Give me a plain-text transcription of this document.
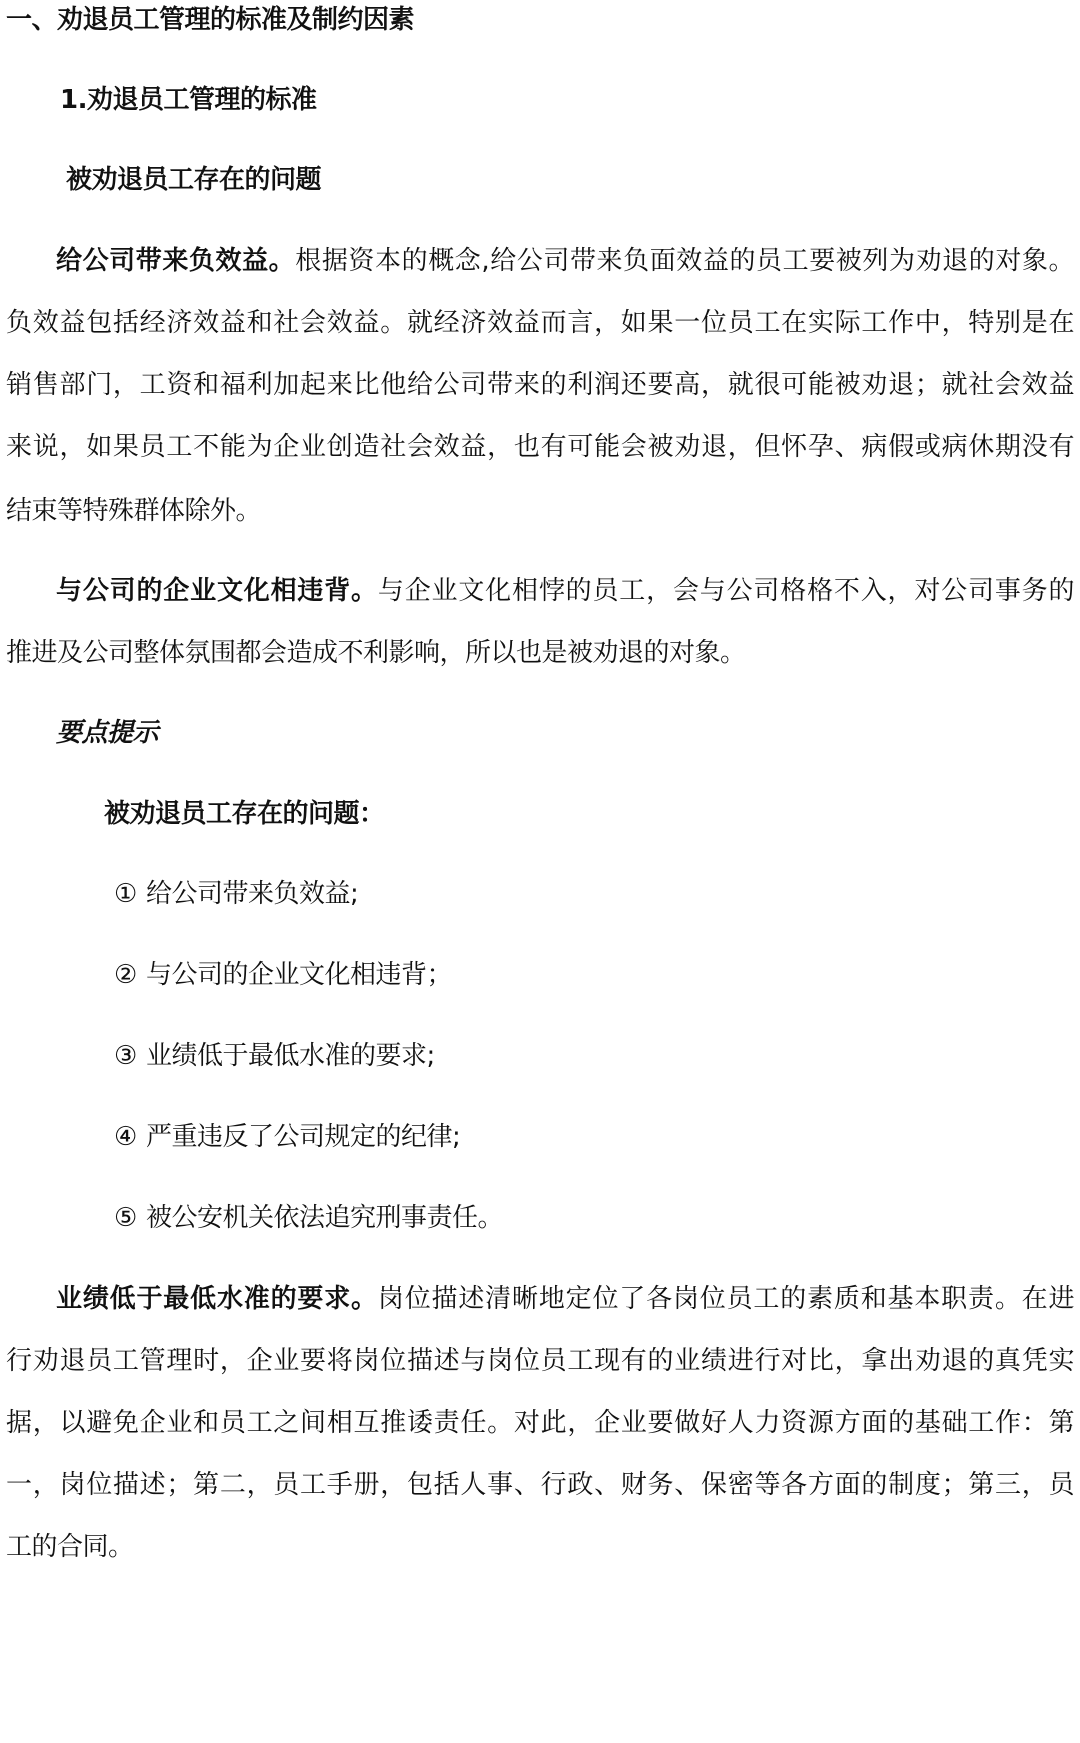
一、劝退员工管理的标准及制约因素
1.劝退员工管理的标准
被劝退员工存在的问题
给公司带来负效益。根据资本的概念,给公司带来负面效益的员工要被列为劝退的对象。
负效益包括经济效益和社会效益。就经济效益而言，如果一位员工在实际工作中，特别是在
销售部门，工资和福利加起来比他给公司带来的利润还要高，就很可能被劝退；就社会效益
来说，如果员工不能为企业创造社会效益，也有可能会被劝退，但怀孕、病假或病休期没有
结束等特殊群体除外。
与公司的企业文化相违背。与企业文化相悖的员工，会与公司格格不入，对公司事务的
推进及公司整体氛围都会造成不利影响，所以也是被劝退的对象。
要点提示
被劝退员工存在的问题：
① 给公司带来负效益;
② 与公司的企业文化相违背；
③ 业绩低于最低水准的要求;
④ 严重违反了公司规定的纪律;
⑤ 被公安机关依法追究刑事责任。
业绩低于最低水准的要求。岗位描述清晰地定位了各岗位员工的素质和基本职责。在进
行劝退员工管理时，企业要将岗位描述与岗位员工现有的业绩进行对比，拿出劝退的真凭实
据，以避免企业和员工之间相互推诿责任。对此，企业要做好人力资源方面的基础工作：第
一，岗位描述；第二，员工手册，包括人事、行政、财务、保密等各方面的制度；第三，员
工的合同。
